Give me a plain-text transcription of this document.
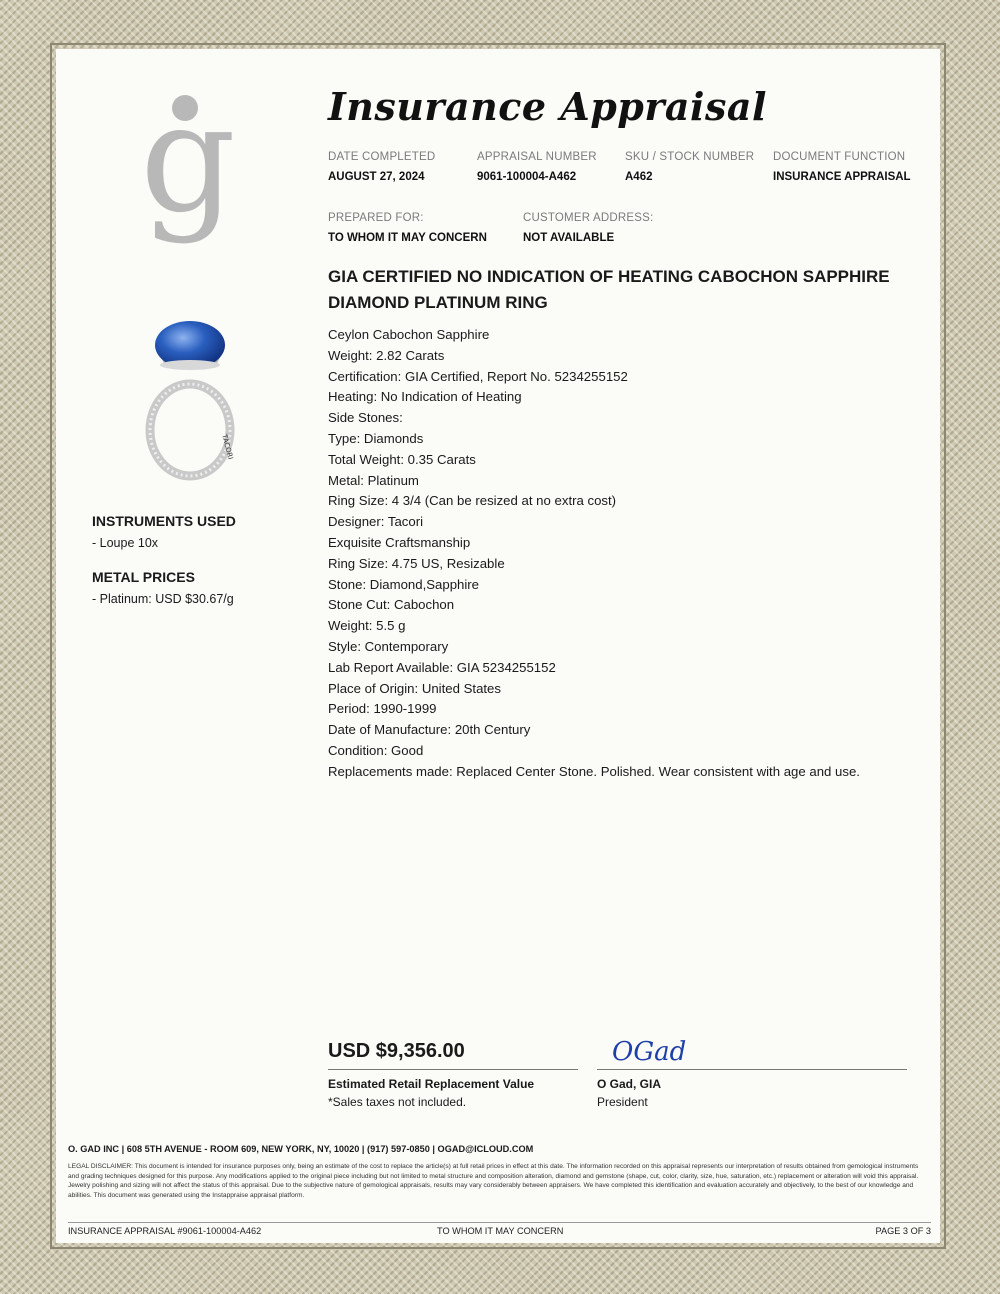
g Insurance Appraisal
DATE COMPLETED
AUGUST 27, 2024
APPRAISAL NUMBER
9061-100004-A462
SKU / STOCK NUMBER
A462
DOCUMENT FUNCTION
INSURANCE APPRAISAL
PREPARED FOR:
TO WHOM IT MAY CONCERN
CUSTOMER ADDRESS:
NOT AVAILABLE
GIA CERTIFIED NO INDICATION OF HEATING CABOCHON SAPPHIRE DIAMOND PLATINUM RING
Ceylon Cabochon Sapphire
Weight: 2.82 Carats
Certification: GIA Certified, Report No. 5234255152
Heating: No Indication of Heating
Side Stones:
Type: Diamonds
Total Weight: 0.35 Carats
Metal: Platinum
Ring Size: 4 3/4 (Can be resized at no extra cost)
Designer: Tacori
Exquisite Craftsmanship
Ring Size: 4.75 US, Resizable
Stone: Diamond,Sapphire
Stone Cut: Cabochon
Weight: 5.5 g
Style: Contemporary
Lab Report Available: GIA 5234255152
Place of Origin: United States
Period: 1990-1999
Date of Manufacture: 20th Century
Condition: Good
Replacements made: Replaced Center Stone. Polished. Wear consistent with age and use.
TACORI
INSTRUMENTS USED
- Loupe 10x
METAL PRICES
- Platinum: USD $30.67/g
USD $9,356.00
Estimated Retail Replacement Value
*Sales taxes not included.
OGad
O Gad, GIA
President
O. GAD INC | 608 5TH AVENUE - ROOM 609, NEW YORK, NY, 10020 | (917) 597-0850 | OGAD@ICLOUD.COM
LEGAL DISCLAIMER: This document is intended for insurance purposes only, being an estimate of the cost to replace the article(s) at full retail prices in effect at this date. The information recorded on this appraisal represents our interpretation of results obtained from gemological instruments and grading techniques designed for this purpose. Any modifications applied to the original piece including but not limited to metal structure and composition alteration, diamond and gemstone (shape, cut, color, clarity, size, hue, saturation, etc.) replacement or alteration will void this appraisal. Jewelry polishing and sizing will not affect the status of this appraisal. Due to the subjective nature of gemological appraisals, results may vary considerably between appraisers. We have completed this identification and evaluation accurately and objectively, to the best of our knowledge and abilities. This document was generated using the Instappraise appraisal platform.
INSURANCE APPRAISAL #9061-100004-A462	TO WHOM IT MAY CONCERN	PAGE 3 OF 3
